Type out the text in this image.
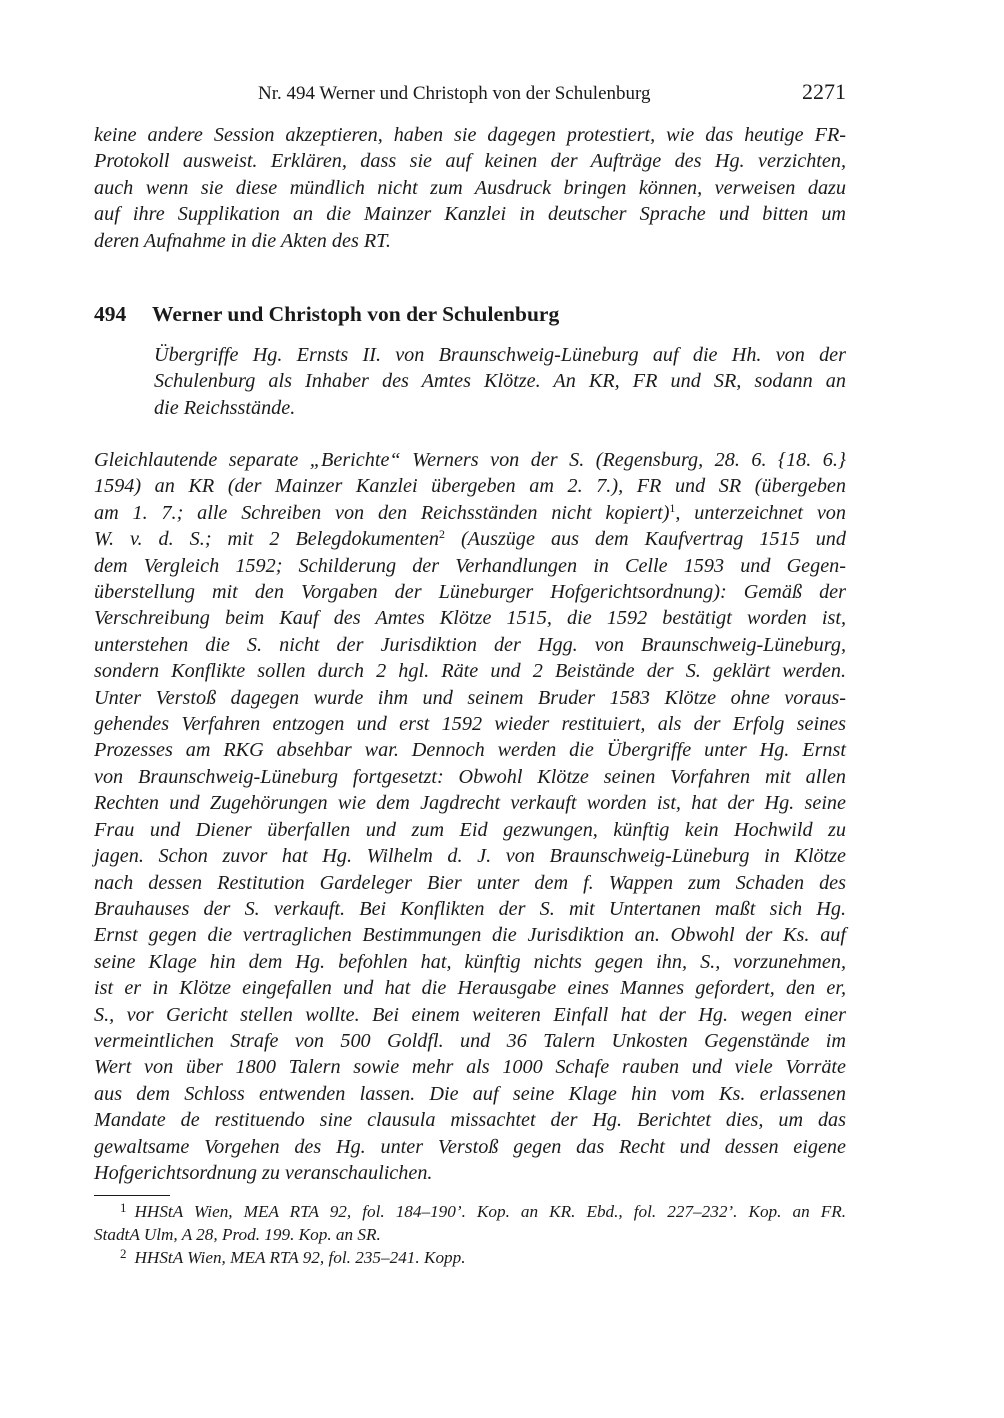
Nr. 494 Werner und Christoph von der Schulenburg	2271
keine andere Session akzeptieren, haben sie dagegen protestiert, wie das heutige FR-
Protokoll ausweist. Erklären, dass sie auf keinen der Aufträge des Hg. verzichten,
auch wenn sie diese mündlich nicht zum Ausdruck bringen können, verweisen dazu
auf ihre Supplikation an die Mainzer Kanzlei in deutscher Sprache und bitten um
deren Aufnahme in die Akten des RT.
494 Werner und Christoph von der Schulenburg
Übergriffe Hg. Ernsts II. von Braunschweig-Lüneburg auf die Hh. von der
Schulenburg als Inhaber des Amtes Klötze. An KR, FR und SR, sodann an
die Reichsstände.
Gleichlautende separate „Berichte“ Werners von der S. (Regensburg, 28. 6. {18. 6.}
1594) an KR (der Mainzer Kanzlei übergeben am 2. 7.), FR und SR (übergeben
am 1. 7.; alle Schreiben von den Reichsständen nicht kopiert)$^1$, unterzeichnet von
W. v. d. S.; mit 2 Belegdokumenten$^2$ (Auszüge aus dem Kaufvertrag 1515 und
dem Vergleich 1592; Schilderung der Verhandlungen in Celle 1593 und Gegen-
überstellung mit den Vorgaben der Lüneburger Hofgerichtsordnung): Gemäß der
Verschreibung beim Kauf des Amtes Klötze 1515, die 1592 bestätigt worden ist,
unterstehen die S. nicht der Jurisdiktion der Hgg. von Braunschweig-Lüneburg,
sondern Konflikte sollen durch 2 hgl. Räte und 2 Beistände der S. geklärt werden.
Unter Verstoß dagegen wurde ihm und seinem Bruder 1583 Klötze ohne voraus-
gehendes Verfahren entzogen und erst 1592 wieder restituiert, als der Erfolg seines
Prozesses am RKG absehbar war. Dennoch werden die Übergriffe unter Hg. Ernst
von Braunschweig-Lüneburg fortgesetzt: Obwohl Klötze seinen Vorfahren mit allen
Rechten und Zugehörungen wie dem Jagdrecht verkauft worden ist, hat der Hg. seine
Frau und Diener überfallen und zum Eid gezwungen, künftig kein Hochwild zu
jagen. Schon zuvor hat Hg. Wilhelm d. J. von Braunschweig-Lüneburg in Klötze
nach dessen Restitution Gardeleger Bier unter dem f. Wappen zum Schaden des
Brauhauses der S. verkauft. Bei Konflikten der S. mit Untertanen maßt sich Hg.
Ernst gegen die vertraglichen Bestimmungen die Jurisdiktion an. Obwohl der Ks. auf
seine Klage hin dem Hg. befohlen hat, künftig nichts gegen ihn, S., vorzunehmen,
ist er in Klötze eingefallen und hat die Herausgabe eines Mannes gefordert, den er,
S., vor Gericht stellen wollte. Bei einem weiteren Einfall hat der Hg. wegen einer
vermeintlichen Strafe von 500 Goldfl. und 36 Talern Unkosten Gegenstände im
Wert von über 1800 Talern sowie mehr als 1000 Schafe rauben und viele Vorräte
aus dem Schloss entwenden lassen. Die auf seine Klage hin vom Ks. erlassenen
Mandate de restituendo sine clausula missachtet der Hg. Berichtet dies, um das
gewaltsame Vorgehen des Hg. unter Verstoß gegen das Recht und dessen eigene
Hofgerichtsordnung zu veranschaulichen.
$^1$ HHStA Wien, MEA RTA 92, fol. 184–190’. Kop. an KR. Ebd., fol. 227–232’. Kop. an FR.
StadtA Ulm, A 28, Prod. 199. Kop. an SR.
$^2$ HHStA Wien, MEA RTA 92, fol. 235–241. Kopp.
